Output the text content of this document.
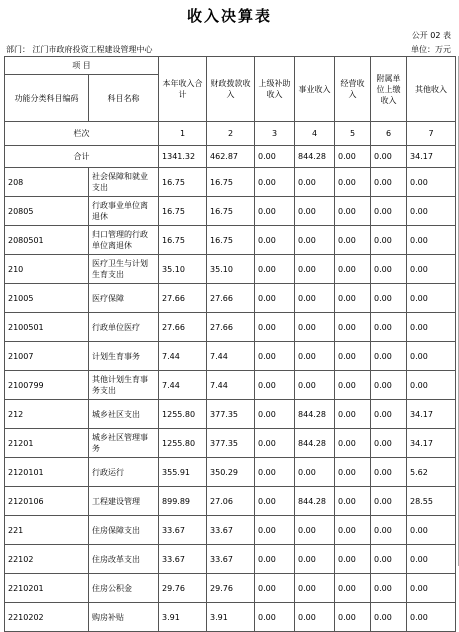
收入决算表
公开 02 表
部门： 江门市政府投资工程建设管理中心	单位：万元
项 目		本年收入合计	财政拨款收入	上级补助收入	事业收入	经营收入	附属单位上缴收入	其他收入
功能分类科目编码	科目名称							
栏次		1	2	3	4	5	6	7
合计		1341.32	462.87	0.00	844.28	0.00	0.00	34.17
208	社会保障和就业支出	16.75	16.75	0.00	0.00	0.00	0.00	0.00
20805	行政事业单位离退休	16.75	16.75	0.00	0.00	0.00	0.00	0.00
2080501	归口管理的行政单位离退休	16.75	16.75	0.00	0.00	0.00	0.00	0.00
210	医疗卫生与计划生育支出	35.10	35.10	0.00	0.00	0.00	0.00	0.00
21005	医疗保障	27.66	27.66	0.00	0.00	0.00	0.00	0.00
2100501	行政单位医疗	27.66	27.66	0.00	0.00	0.00	0.00	0.00
21007	计划生育事务	7.44	7.44	0.00	0.00	0.00	0.00	0.00
2100799	其他计划生育事务支出	7.44	7.44	0.00	0.00	0.00	0.00	0.00
212	城乡社区支出	1255.80	377.35	0.00	844.28	0.00	0.00	34.17
21201	城乡社区管理事务	1255.80	377.35	0.00	844.28	0.00	0.00	34.17
2120101	行政运行	355.91	350.29	0.00	0.00	0.00	0.00	5.62
2120106	工程建设管理	899.89	27.06	0.00	844.28	0.00	0.00	28.55
221	住房保障支出	33.67	33.67	0.00	0.00	0.00	0.00	0.00
22102	住房改革支出	33.67	33.67	0.00	0.00	0.00	0.00	0.00
2210201	住房公积金	29.76	29.76	0.00	0.00	0.00	0.00	0.00
2210202	购房补贴	3.91	3.91	0.00	0.00	0.00	0.00	0.00
